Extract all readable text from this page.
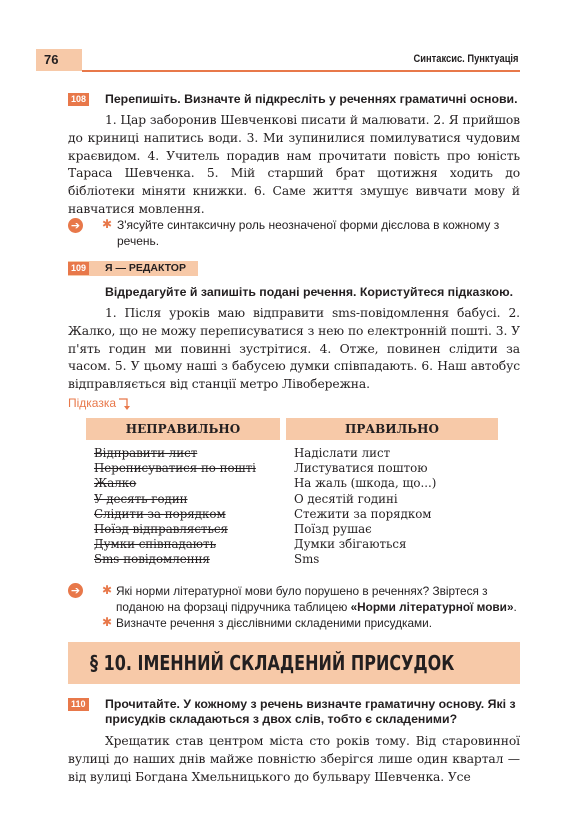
76	Синтаксис. Пунктуація
108 Перепишіть. Визначте й підкресліть у реченнях граматичні основи.
1. Цар заборонив Шевченкові писати й малювати. 2. Я прийшов до криниці напитись води. 3. Ми зупинилися помилуватися чудовим краєвидом. 4. Учитель порадив нам прочитати повість про юність Тараса Шевченка. 5. Мій старший брат щотижня ходить до бібліотеки міняти книжки. 6. Саме життя змушує вивчати мову й навчатися мовлення.
➔ ✱ З'ясуйте синтаксичну роль неозначеної форми дієслова в кожному з речень.
109 Я — РЕДАКТОР
Відредагуйте й запишіть подані речення. Користуйтеся підказкою.
1. Після уроків маю відправити sms-повідомлення бабусі. 2. Жалко, що не можу переписуватися з нею по електронній пошті. 3. У п'ять годин ми повинні зустрітися. 4. Отже, повинен слідити за часом. 5. У цьому наші з бабусею думки співпадають. 6. Наш автобус відправляється від станції метро Лівобережна.
Підказка
НЕПРАВИЛЬНО	ПРАВИЛЬНО
Відправити лист
Переписуватися по пошті
Жалко
У десять годин
Слідити за порядком
Поїзд відправляється
Думки співпадають
Sms-повідомлення
Надіслати лист
Листуватися поштою
На жаль (шкода, що...)
О десятій годині
Стежити за порядком
Поїзд рушає
Думки збігаються
Sms
➔ ✱
✱
Які норми літературної мови було порушено в реченнях? Звіртеся з поданою на форзаці підручника таблицею «Норми літературної мови».
Визначте речення з дієслівними складеними присудками.
§ 10. ІМЕННИЙ СКЛАДЕНИЙ ПРИСУДОК
110 Прочитайте. У кожному з речень визначте граматичну основу. Які з присудків складаються з двох слів, тобто є складеними?
Хрещатик став центром міста сто років тому. Від старовинної вулиці до наших днів майже повністю зберігся лише один квартал — від вулиці Богдана Хмельницького до бульвару Шевченка. Усе
